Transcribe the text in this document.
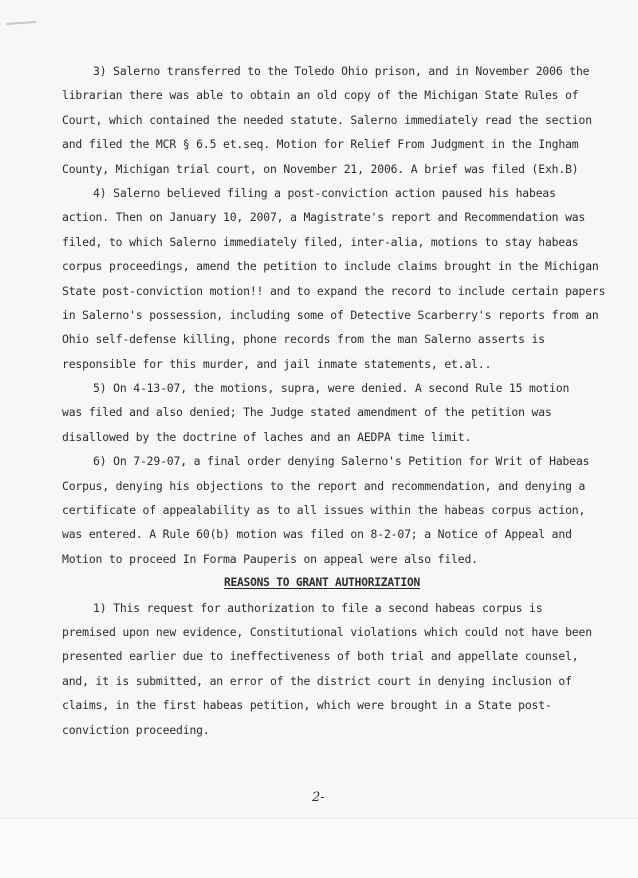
3) Salerno transferred to the Toledo Ohio prison, and in November 2006 the
librarian there was able to obtain an old copy of the Michigan State Rules of
Court, which contained the needed statute. Salerno immediately read the section
and filed the MCR § 6.5 et.seq. Motion for Relief From Judgment in the Ingham
County, Michigan trial court, on November 21, 2006. A brief was filed (Exh.B)
4) Salerno believed filing a post-conviction action paused his habeas
action. Then on January 10, 2007, a Magistrate's report and Recommendation was
filed, to which Salerno immediately filed, inter-alia, motions to stay habeas
corpus proceedings, amend the petition to include claims brought in the Michigan
State post-conviction motion!! and to expand the record to include certain papers
in Salerno's possession, including some of Detective Scarberry's reports from an
Ohio self-defense killing, phone records from the man Salerno asserts is
responsible for this murder, and jail inmate statements, et.al..
5) On 4-13-07, the motions, supra, were denied. A second Rule 15 motion
was filed and also denied; The Judge stated amendment of the petition was
disallowed by the doctrine of laches and an AEDPA time limit.
6) On 7-29-07, a final order denying Salerno's Petition for Writ of Habeas
Corpus, denying his objections to the report and recommendation, and denying a
certificate of appealability as to all issues within the habeas corpus action,
was entered. A Rule 60(b) motion was filed on 8-2-07; a Notice of Appeal and
Motion to proceed In Forma Pauperis on appeal were also filed.
REASONS TO GRANT AUTHORIZATION
1) This request for authorization to file a second habeas corpus is
premised upon new evidence, Constitutional violations which could not have been
presented earlier due to ineffectiveness of both trial and appellate counsel,
and, it is submitted, an error of the district court in denying inclusion of
claims, in the first habeas petition, which were brought in a State post-
conviction proceeding.
2-
